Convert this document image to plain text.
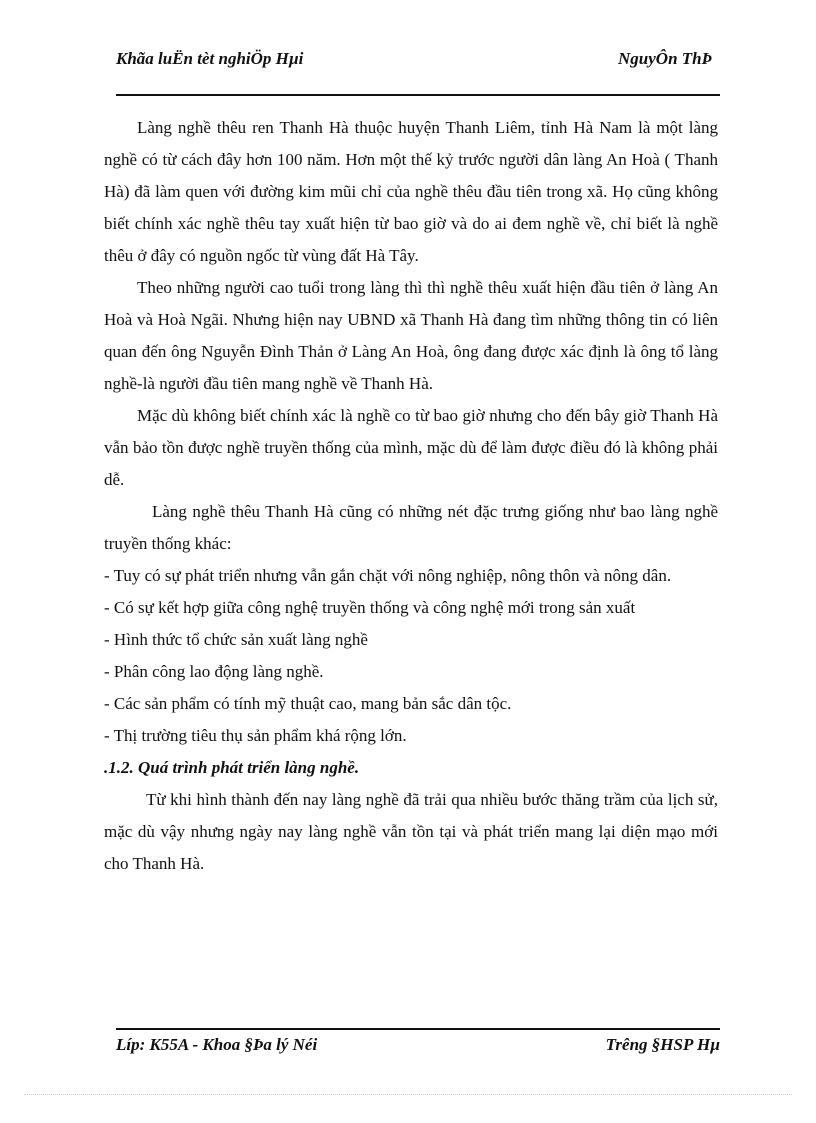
Khãa luËn tèt nghiÖp Hµi	NguyÔn ThÞ

Làng nghề thêu ren Thanh Hà thuộc huyện Thanh Liêm, tỉnh Hà Nam là một làng nghề có từ cách đây hơn 100 năm. Hơn một thế kỷ trước người dân làng An Hoà ( Thanh Hà) đã làm quen với đường kim mũi chỉ của nghề thêu đầu tiên trong xã. Họ cũng không biết chính xác nghề thêu tay xuất hiện từ bao giờ và do ai đem nghề về, chỉ biết là nghề thêu ở đây có nguồn ngốc từ vùng đất Hà Tây.

Theo những người cao tuổi trong làng thì thì nghề thêu xuất hiện đầu tiên ở làng An Hoà và Hoà Ngãi. Nhưng hiện nay UBND xã Thanh Hà đang tìm những thông tin có liên quan đến ông Nguyễn Đình Thản ở Làng An Hoà, ông đang được xác định là ông tổ làng nghề-là người đầu tiên mang nghề về Thanh Hà.

Mặc dù không biết chính xác là nghề co từ bao giờ nhưng cho đến bây giờ Thanh Hà vẫn bảo tồn được nghề truyền thống của mình, mặc dù để làm được điều đó là không phải dễ.

Làng nghề thêu Thanh Hà cũng có những nét đặc trưng giống như bao làng nghề truyền thống khác:

- Tuy có sự phát triển nhưng vẫn gắn chặt với nông nghiệp, nông thôn và nông dân.

- Có sự kết hợp giữa công nghệ truyền thống và công nghệ mới trong sản xuất

- Hình thức tổ chức sản xuất làng nghề

- Phân công lao động làng nghề.

- Các sản phẩm có tính mỹ thuật cao, mang bản sắc dân tộc.

- Thị trường tiêu thụ sản phẩm khá rộng lớn.

.1.2. Quá trình phát triển làng nghề.

Từ khi hình thành đến nay làng nghề đã trải qua nhiều bước thăng trầm của lịch sử, mặc dù vậy nhưng ngày nay làng nghề vẫn tồn tại và phát triển mang lại diện mạo mới cho Thanh Hà.

Líp: K55A - Khoa §Þa lý Néi	Trêng §HSP Hµ
